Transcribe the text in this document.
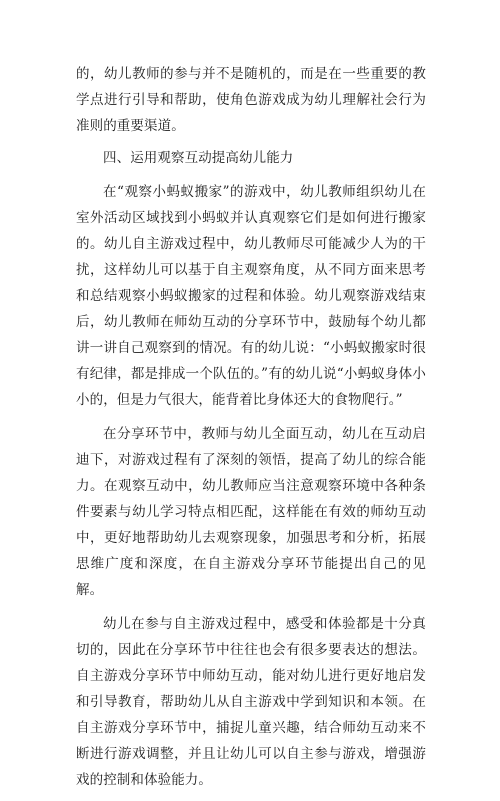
的，幼儿教师的参与并不是随机的，而是在一些重要的教学点进行引导和帮助，使角色游戏成为幼儿理解社会行为准则的重要渠道。

四、运用观察互动提高幼儿能力

在“观察小蚂蚁搬家”的游戏中，幼儿教师组织幼儿在室外活动区域找到小蚂蚁并认真观察它们是如何进行搬家的。幼儿自主游戏过程中，幼儿教师尽可能减少人为的干扰，这样幼儿可以基于自主观察角度，从不同方面来思考和总结观察小蚂蚁搬家的过程和体验。幼儿观察游戏结束后，幼儿教师在师幼互动的分享环节中，鼓励每个幼儿都讲一讲自己观察到的情况。有的幼儿说：“小蚂蚁搬家时很有纪律，都是排成一个队伍的。”有的幼儿说“小蚂蚁身体小小的，但是力气很大，能背着比身体还大的食物爬行。”

在分享环节中，教师与幼儿全面互动，幼儿在互动启迪下，对游戏过程有了深刻的领悟，提高了幼儿的综合能力。在观察互动中，幼儿教师应当注意观察环境中各种条件要素与幼儿学习特点相匹配，这样能在有效的师幼互动中，更好地帮助幼儿去观察现象，加强思考和分析，拓展思维广度和深度，在自主游戏分享环节能提出自己的见解。

幼儿在参与自主游戏过程中，感受和体验都是十分真切的，因此在分享环节中往往也会有很多要表达的想法。自主游戏分享环节中师幼互动，能对幼儿进行更好地启发和引导教育，帮助幼儿从自主游戏中学到知识和本领。在自主游戏分享环节中，捕捉儿童兴趣，结合师幼互动来不断进行游戏调整，并且让幼儿可以自主参与游戏，增强游戏的控制和体验能力。
